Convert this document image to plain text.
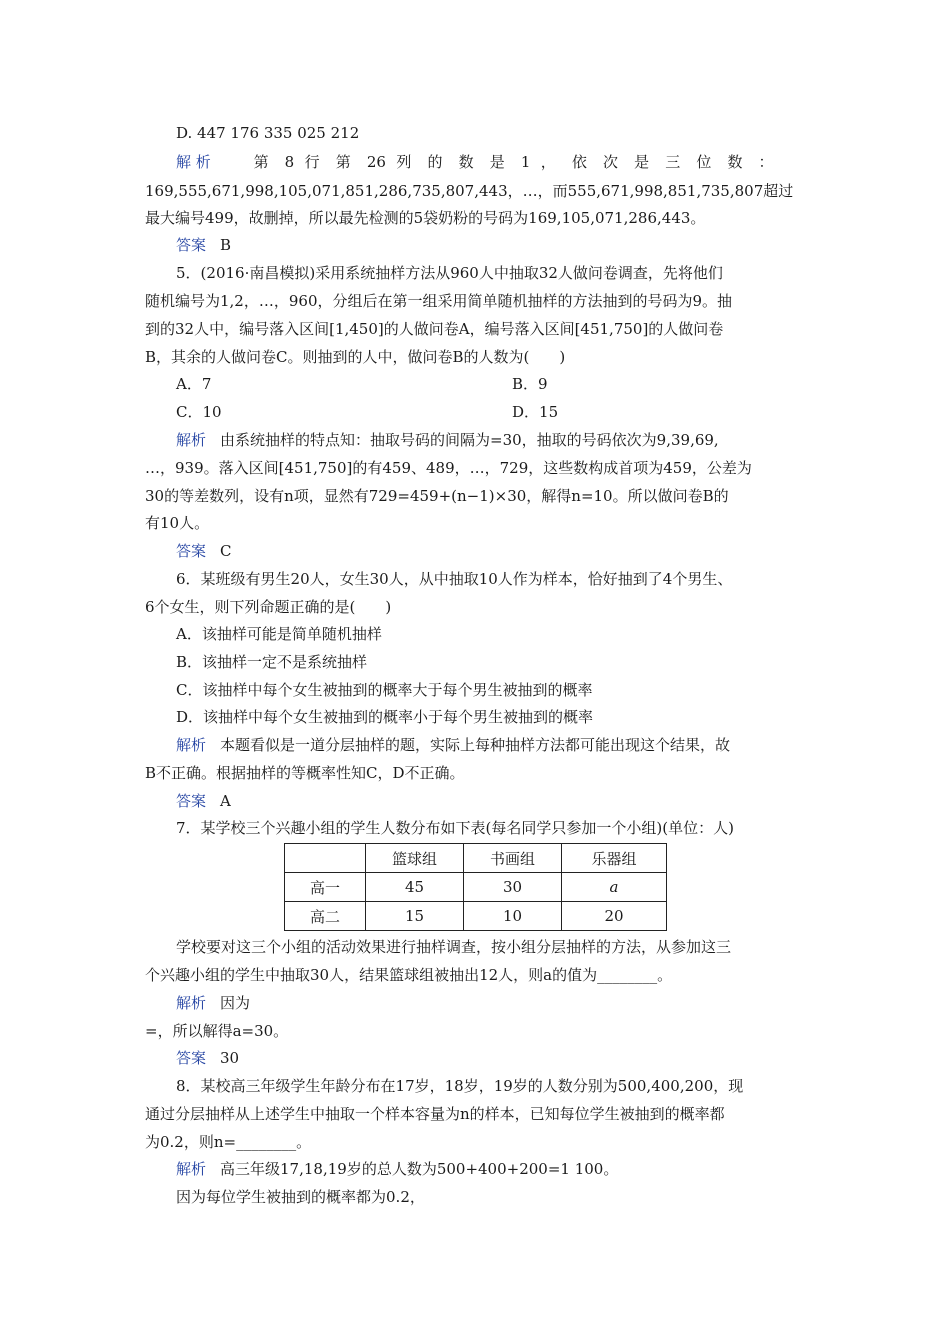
D. 447 176 335 025 212
解 析	第 8 行 第 26 列 的 数 是 1 ， 依 次 是 三 位 数 ：
169,555,671,998,105,071,851,286,735,807,443，…，而555,671,998,851,735,807超过
最大编号499，故删掉，所以最先检测的5袋奶粉的号码为169,105,071,286,443。
答案 B
5．(2016·南昌模拟)采用系统抽样方法从960人中抽取32人做问卷调查，先将他们
随机编号为1,2，…，960，分组后在第一组采用简单随机抽样的方法抽到的号码为9。抽
到的32人中，编号落入区间[1,450]的人做问卷A，编号落入区间[451,750]的人做问卷
B，其余的人做问卷C。则抽到的人中，做问卷B的人数为(　　)
A．7	B．9
C．10	D．15
解析 由系统抽样的特点知：抽取号码的间隔为=30，抽取的号码依次为9,39,69,
…，939。落入区间[451,750]的有459、489，…，729，这些数构成首项为459，公差为
30的等差数列，设有n项，显然有729=459+(n−1)×30，解得n=10。所以做问卷B的
有10人。
答案 C
6．某班级有男生20人，女生30人，从中抽取10人作为样本，恰好抽到了4个男生、
6个女生，则下列命题正确的是(　　)
A．该抽样可能是简单随机抽样
B．该抽样一定不是系统抽样
C．该抽样中每个女生被抽到的概率大于每个男生被抽到的概率
D．该抽样中每个女生被抽到的概率小于每个男生被抽到的概率
解析 本题看似是一道分层抽样的题，实际上每种抽样方法都可能出现这个结果，故
B不正确。根据抽样的等概率性知C，D不正确。
答案 A
7．某学校三个兴趣小组的学生人数分布如下表(每名同学只参加一个小组)(单位：人)
	篮球组	书画组	乐器组
高一	45	30	a
高二	15	10	20
学校要对这三个小组的活动效果进行抽样调查，按小组分层抽样的方法，从参加这三
个兴趣小组的学生中抽取30人，结果篮球组被抽出12人，则a的值为________。
解析 因为
=，所以解得a=30。
答案 30
8．某校高三年级学生年龄分布在17岁，18岁，19岁的人数分别为500,400,200，现
通过分层抽样从上述学生中抽取一个样本容量为n的样本，已知每位学生被抽到的概率都
为0.2，则n=________。
解析 高三年级17,18,19岁的总人数为500+400+200=1 100。
因为每位学生被抽到的概率都为0.2，
